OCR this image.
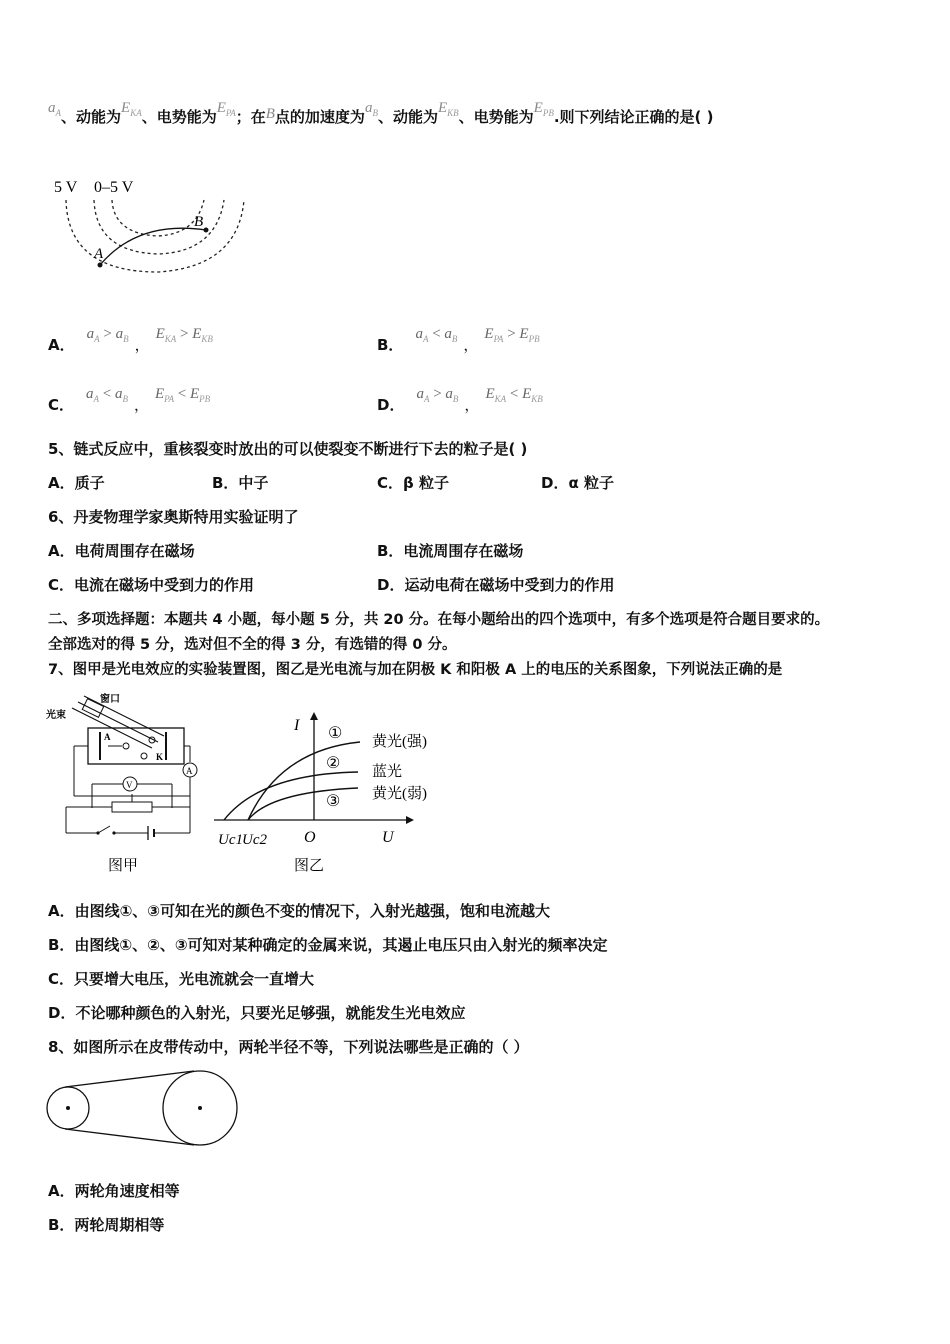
$a_A$、动能为$E_{KA}$、电势能为$E_{PA}$；在B点的加速度为$a_B$、动能为$E_{KB}$、电势能为$E_{PB}$.则下列结论正确的是( )
5 V 0–5 V
A
B
A．$a_A > a_B$ ，$E_{KA} > E_{KB}$	B．$a_A < a_B$ ，$E_{PA} > E_{PB}$
C．$a_A < a_B$ ，$E_{PA} < E_{PB}$	D．$a_A > a_B$ ，$E_{KA} < E_{KB}$
5、链式反应中，重核裂变时放出的可以使裂变不断进行下去的粒子是( )
A．质子	B．中子	C．β 粒子	D．α 粒子
6、丹麦物理学家奥斯特用实验证明了
A．电荷周围存在磁场	B．电流周围存在磁场
C．电流在磁场中受到力的作用	D．运动电荷在磁场中受到力的作用
二、多项选择题：本题共 4 小题，每小题 5 分，共 20 分。在每小题给出的四个选项中，有多个选项是符合题目要求的。
全部选对的得 5 分，选对但不全的得 3 分，有选错的得 0 分。
7、图甲是光电效应的实验装置图，图乙是光电流与加在阴极 K 和阳极 A 上的电压的关系图象，下列说法正确的是
光束
窗口
A
K
A
V
图甲
I
U
O
Uc1 Uc2
①
②
③
黄光(强)
蓝光
黄光(弱)
图乙
A．由图线①、③可知在光的颜色不变的情况下，入射光越强，饱和电流越大
B．由图线①、②、③可知对某种确定的金属来说，其遏止电压只由入射光的频率决定
C．只要增大电压，光电流就会一直增大
D．不论哪种颜色的入射光，只要光足够强，就能发生光电效应
8、如图所示在皮带传动中，两轮半径不等，下列说法哪些是正确的（ ）
A．两轮角速度相等
B．两轮周期相等
